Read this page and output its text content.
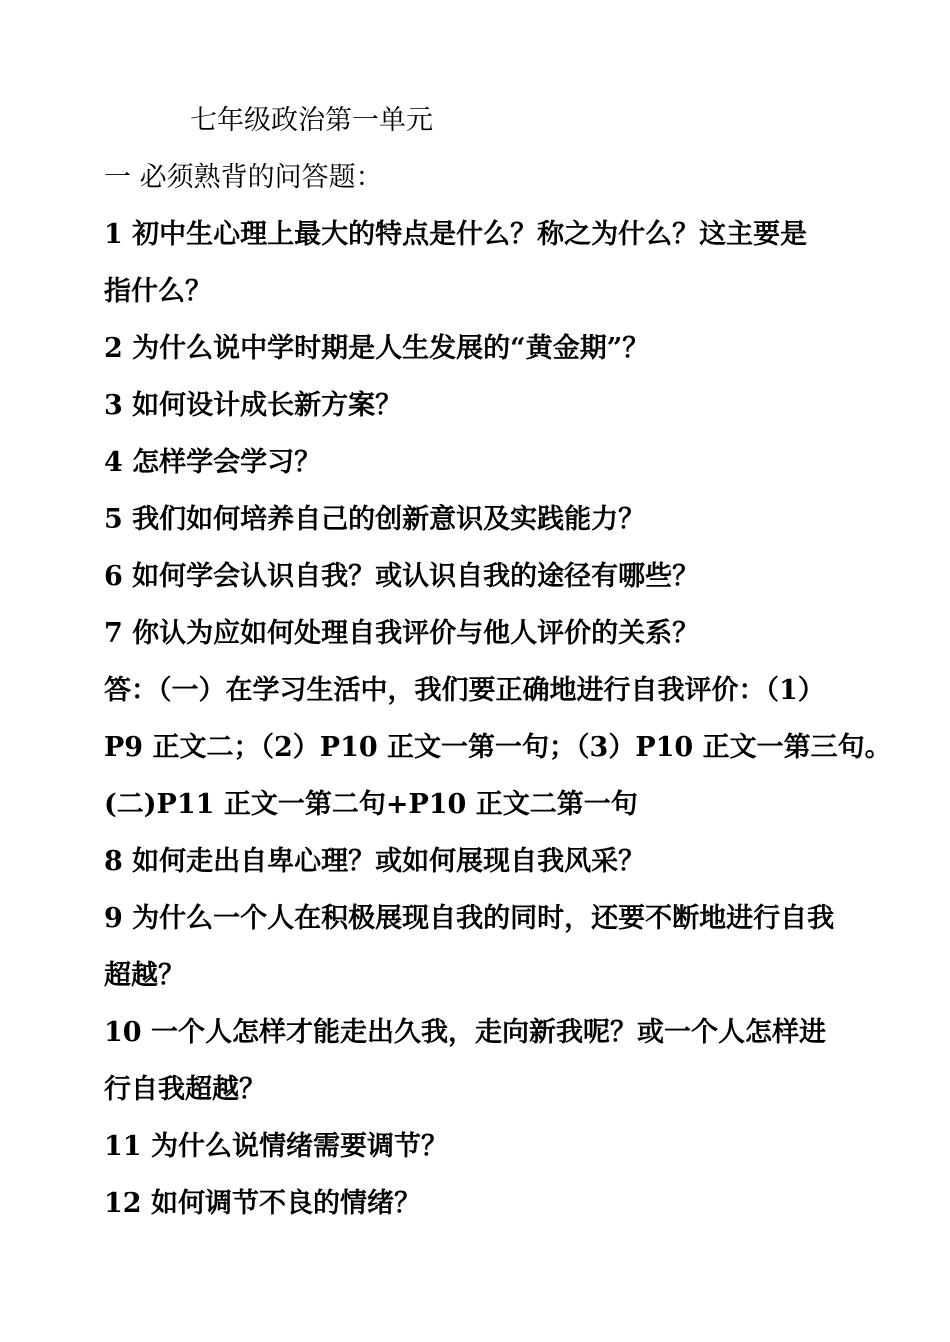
七年级政治第一单元
一 必须熟背的问答题：
1 初中生心理上最大的特点是什么？称之为什么？这主要是
指什么？
2 为什么说中学时期是人生发展的“黄金期”？
3 如何设计成长新方案？
4 怎样学会学习？
5 我们如何培养自己的创新意识及实践能力？
6 如何学会认识自我？或认识自我的途径有哪些？
7 你认为应如何处理自我评价与他人评价的关系？
答：（一）在学习生活中，我们要正确地进行自我评价：（1）
P9 正文二；（2）P10 正文一第一句；（3）P10 正文一第三句。
(二)P11 正文一第二句+P10 正文二第一句
8 如何走出自卑心理？或如何展现自我风采？
9 为什么一个人在积极展现自我的同时，还要不断地进行自我
超越？
10 一个人怎样才能走出久我，走向新我呢？或一个人怎样进
行自我超越？
11 为什么说情绪需要调节？
12 如何调节不良的情绪？
